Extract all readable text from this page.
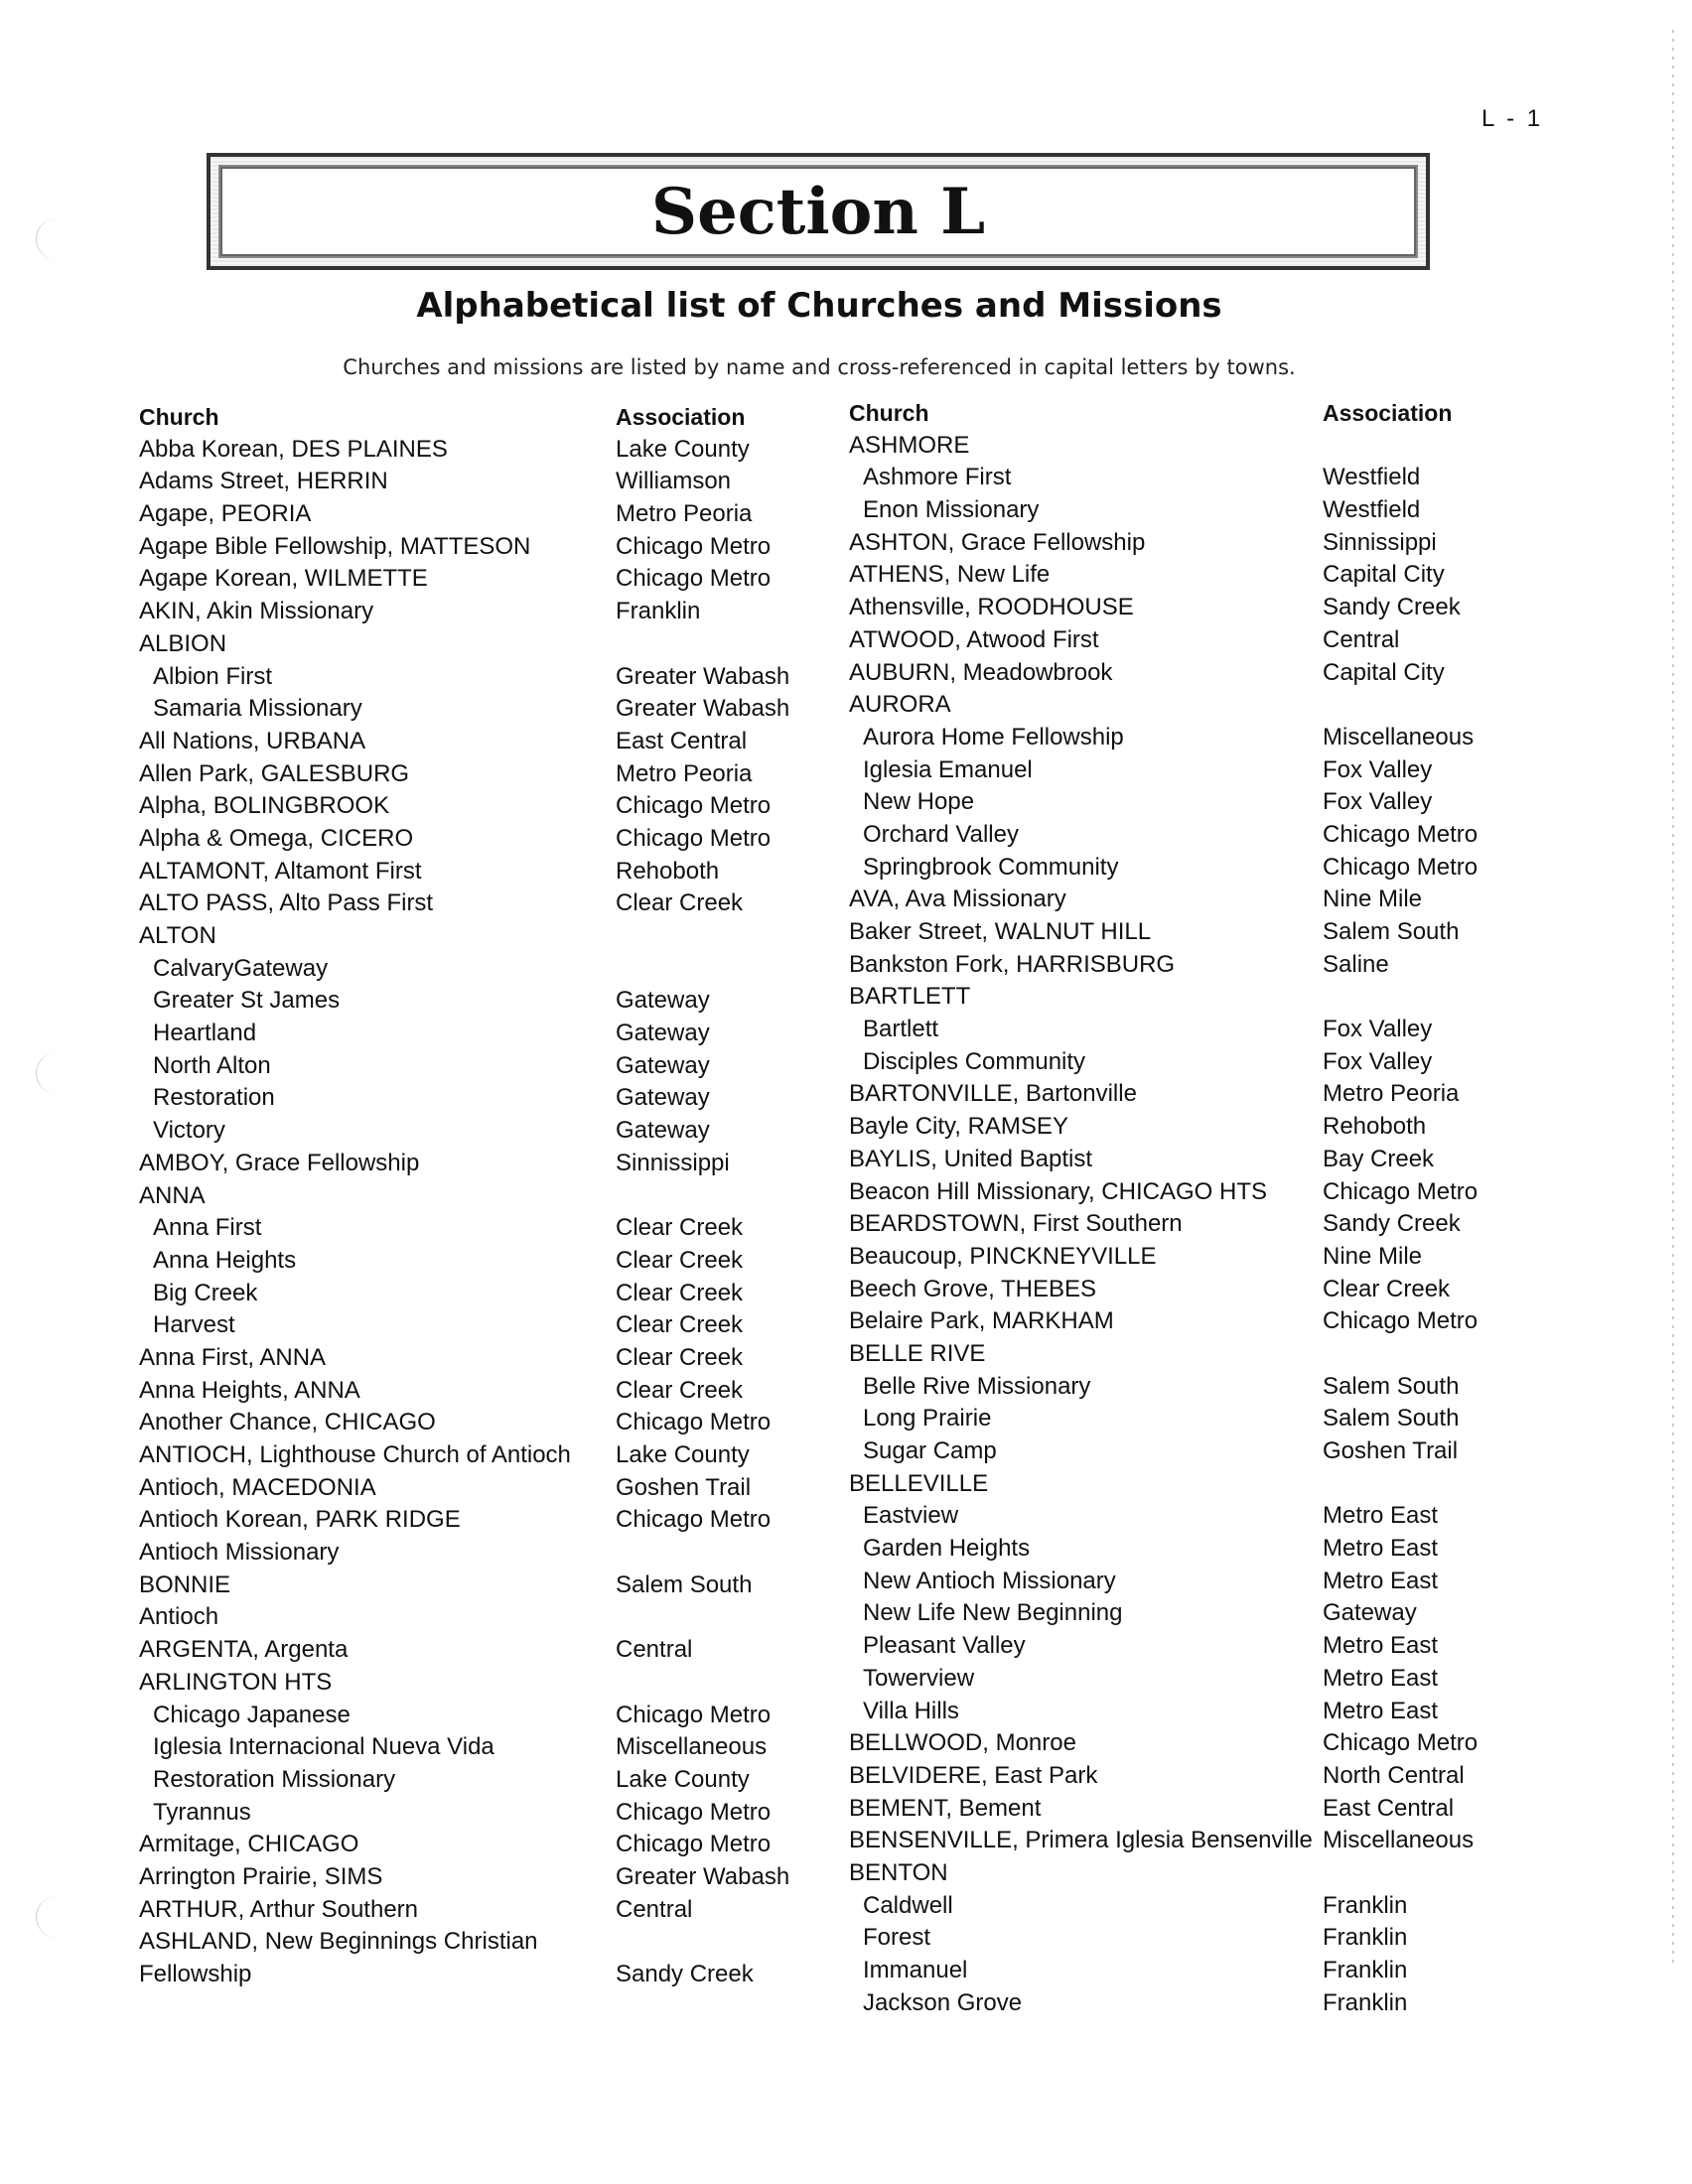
L - 1
Section L
Alphabetical list of Churches and Missions
Churches and missions are listed by name and cross-referenced in capital letters by towns.
Church
Abba Korean, DES PLAINES
Adams Street, HERRIN
Agape, PEORIA
Agape Bible Fellowship, MATTESON
Agape Korean, WILMETTE
AKIN, Akin Missionary
ALBION
Albion First
Samaria Missionary
All Nations, URBANA
Allen Park, GALESBURG
Alpha, BOLINGBROOK
Alpha & Omega, CICERO
ALTAMONT, Altamont First
ALTO PASS, Alto Pass First
ALTON
CalvaryGateway
Greater St James
Heartland
North Alton
Restoration
Victory
AMBOY, Grace Fellowship
ANNA
Anna First
Anna Heights
Big Creek
Harvest
Anna First, ANNA
Anna Heights, ANNA
Another Chance, CHICAGO
ANTIOCH, Lighthouse Church of Antioch
Antioch, MACEDONIA
Antioch Korean, PARK RIDGE
Antioch Missionary
BONNIE
Antioch
ARGENTA, Argenta
ARLINGTON HTS
Chicago Japanese
Iglesia Internacional Nueva Vida
Restoration Missionary
Tyrannus
Armitage, CHICAGO
Arrington Prairie, SIMS
ARTHUR, Arthur Southern
ASHLAND, New Beginnings Christian
Fellowship
Association
Lake County
Williamson
Metro Peoria
Chicago Metro
Chicago Metro
Franklin
Greater Wabash
Greater Wabash
East Central
Metro Peoria
Chicago Metro
Chicago Metro
Rehoboth
Clear Creek
Gateway
Gateway
Gateway
Gateway
Gateway
Sinnissippi
Clear Creek
Clear Creek
Clear Creek
Clear Creek
Clear Creek
Clear Creek
Chicago Metro
Lake County
Goshen Trail
Chicago Metro
Salem South
Central
Chicago Metro
Miscellaneous
Lake County
Chicago Metro
Chicago Metro
Greater Wabash
Central
Sandy Creek
Church
ASHMORE
Ashmore First
Enon Missionary
ASHTON, Grace Fellowship
ATHENS, New Life
Athensville, ROODHOUSE
ATWOOD, Atwood First
AUBURN, Meadowbrook
AURORA
Aurora Home Fellowship
Iglesia Emanuel
New Hope
Orchard Valley
Springbrook Community
AVA, Ava Missionary
Baker Street, WALNUT HILL
Bankston Fork, HARRISBURG
BARTLETT
Bartlett
Disciples Community
BARTONVILLE, Bartonville
Bayle City, RAMSEY
BAYLIS, United Baptist
Beacon Hill Missionary, CHICAGO HTS
BEARDSTOWN, First Southern
Beaucoup, PINCKNEYVILLE
Beech Grove, THEBES
Belaire Park, MARKHAM
BELLE RIVE
Belle Rive Missionary
Long Prairie
Sugar Camp
BELLEVILLE
Eastview
Garden Heights
New Antioch Missionary
New Life New Beginning
Pleasant Valley
Towerview
Villa Hills
BELLWOOD, Monroe
BELVIDERE, East Park
BEMENT, Bement
BENSENVILLE, Primera Iglesia Bensenville
BENTON
Caldwell
Forest
Immanuel
Jackson Grove
Association
Westfield
Westfield
Sinnissippi
Capital City
Sandy Creek
Central
Capital City
Miscellaneous
Fox Valley
Fox Valley
Chicago Metro
Chicago Metro
Nine Mile
Salem South
Saline
Fox Valley
Fox Valley
Metro Peoria
Rehoboth
Bay Creek
Chicago Metro
Sandy Creek
Nine Mile
Clear Creek
Chicago Metro
Salem South
Salem South
Goshen Trail
Metro East
Metro East
Metro East
Gateway
Metro East
Metro East
Metro East
Chicago Metro
North Central
East Central
Miscellaneous
Franklin
Franklin
Franklin
Franklin
